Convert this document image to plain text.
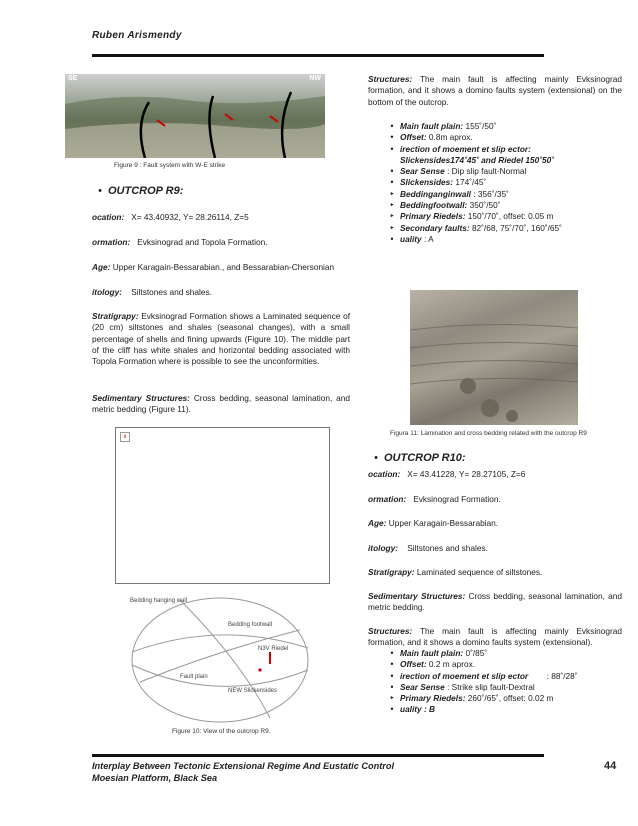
Ruben Arismendy
SE	NW
Figure 9 : Fault system with W-E strike
• OUTCROP R9:
ocation: X= 43.40932, Y= 28.26114, Z=5
ormation: Evksinograd and Topola Formation.
Age: Upper Karagain-Bessarabian., and Bessarabian-Chersonian
itology: Siltstones and shales.
Stratigrapy: Evksinograd Formation shows a Laminated sequence of (20 cm) siltstones and shales (seasonal changes), with a small percentage of shells and fining upwards (Figure 10). The middle part of the cliff has white shales and horizontal bedding associated with Topola Formation where is possible to see the unconformities.
Sedimentary Structures: Cross bedding, seasonal lamination, and metric bedding (Figure 11).
x
Bedding hanging wall
Bedding footwall
N3V Riedel
Fault plain
NEW Slickensides
Figure 10: View of the outcrop R9.
Structures: The main fault is affecting mainly Evksinograd formation, and it shows a domino faults system (extensional) on the bottom of the outcrop.
• Main fault plain: 155˚/50˚
• Offset: 0.8m aprox.
• irection of moement et slip ector:
Slickensides174˚45˚ and Riedel 150˚50˚
• Sear Sense : Dip slip fault-Normal
• Slickensides: 174˚/45˚
‣ Beddinganginwall : 356˚/35˚
‣ Beddingfootwall: 350˚/50˚
‣ Primary Riedels: 150˚/70˚, offset: 0.05 m
‣ Secondary faults: 82˚/68, 75˚/70˚, 160˚/65˚
• uality : A
Figura 11: Lamination and cross bedding related with the outcrop R9
• OUTCROP R10:
ocation: X= 43.41228, Y= 28.27105, Z=6
ormation: Evksinograd Formation.
Age: Upper Karagain-Bessarabian.
itology: Siltstones and shales.
Stratigrapy: Laminated sequence of siltstones.
Sedimentary Structures: Cross bedding, seasonal lamination, and metric bedding.
Structures: The main fault is affecting mainly Evksinograd formation, and it shows a domino faults system (extensional).
• Main fault plain: 0˚/85˚
• Offset: 0.2 m aprox.
• irection of moement et slip ector : 88˚/28˚
• Sear Sense : Strike slip fault-Dextral
‣ Primary Riedels: 260˚/65˚, offset: 0.02 m
• uality : B
Interplay Between Tectonic Extensional Regime And Eustatic Control
Moesian Platform, Black Sea
44
